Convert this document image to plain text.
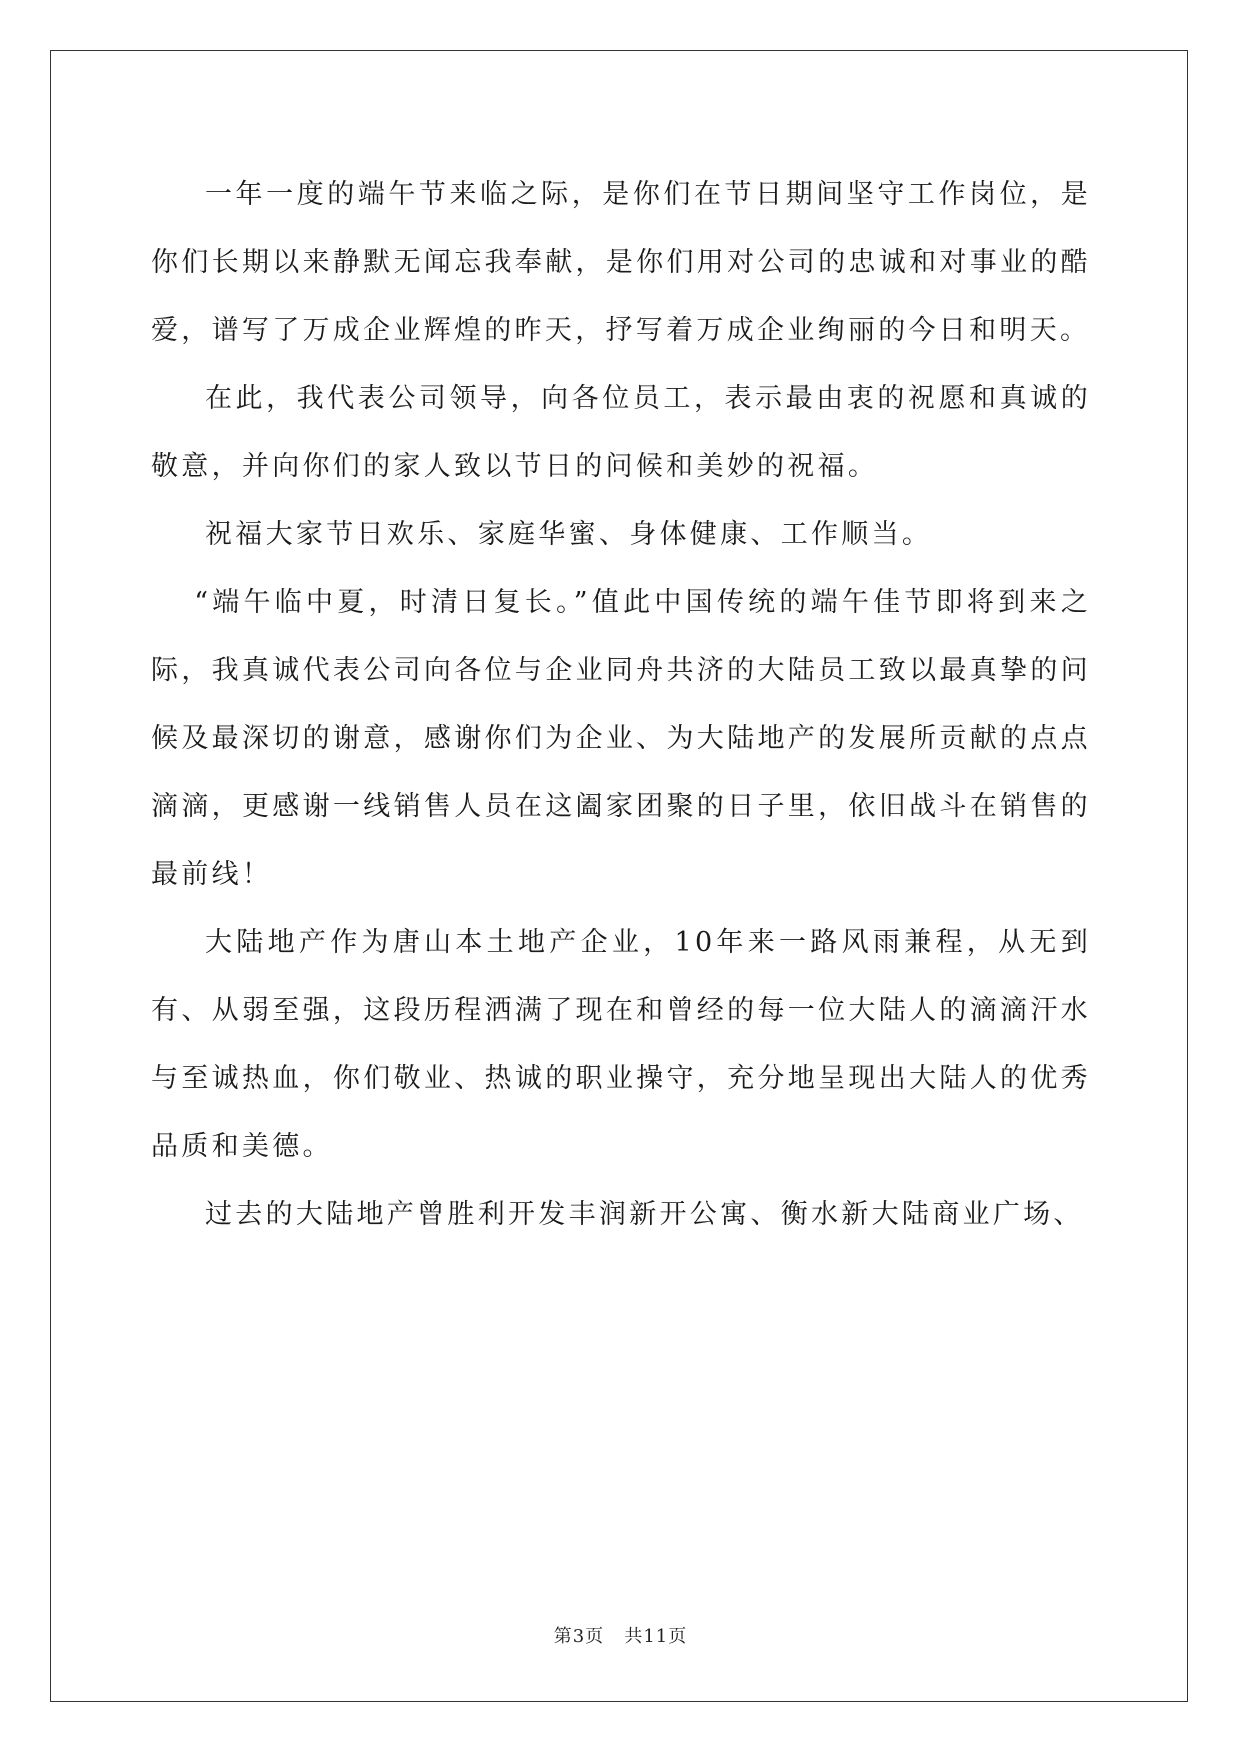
一年一度的端午节来临之际，是你们在节日期间坚守工作岗位，是你们长期以来静默无闻忘我奉献，是你们用对公司的忠诚和对事业的酷爱，谱写了万成企业辉煌的昨天，抒写着万成企业绚丽的今日和明天。

在此，我代表公司领导，向各位员工，表示最由衷的祝愿和真诚的敬意，并向你们的家人致以节日的问候和美妙的祝福。

祝福大家节日欢乐、家庭华蜜、身体健康、工作顺当。

“端午临中夏，时清日复长。”值此中国传统的端午佳节即将到来之际，我真诚代表公司向各位与企业同舟共济的大陆员工致以最真挚的问候及最深切的谢意，感谢你们为企业、为大陆地产的发展所贡献的点点滴滴，更感谢一线销售人员在这阖家团聚的日子里，依旧战斗在销售的最前线！

大陆地产作为唐山本土地产企业，10年来一路风雨兼程，从无到有、从弱至强，这段历程洒满了现在和曾经的每一位大陆人的滴滴汗水与至诚热血，你们敬业、热诚的职业操守，充分地呈现出大陆人的优秀品质和美德。

过去的大陆地产曾胜利开发丰润新开公寓、衡水新大陆商业广场、

第3页 共11页
